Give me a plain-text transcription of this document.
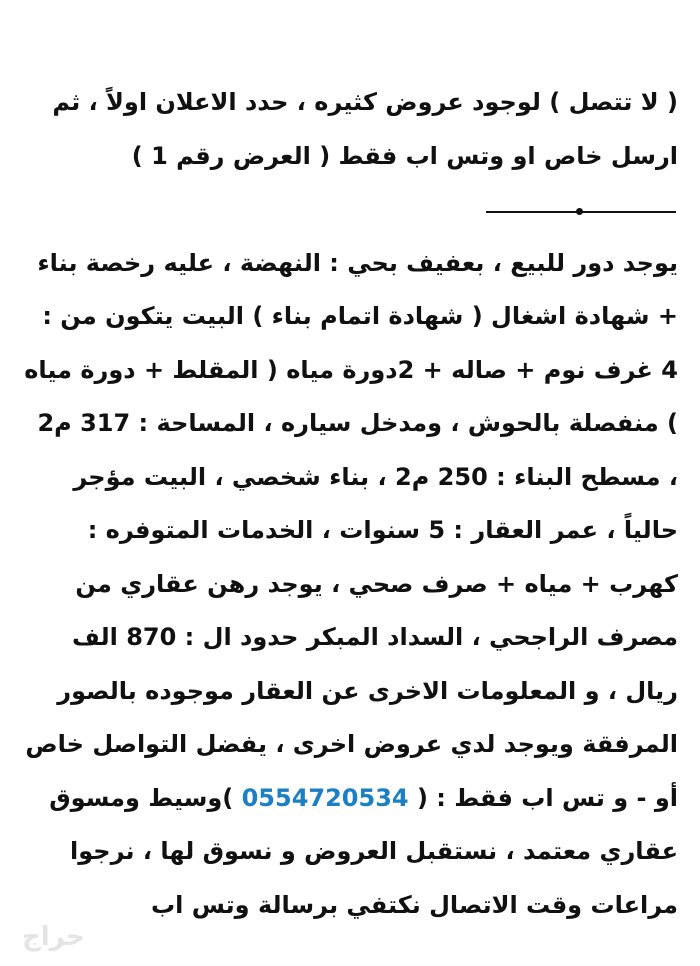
( لا تتصل ) لوجود عروض كثيره ، حدد الاعلان اولاً ، ثم ارسل خاص او وتس اب فقط ( العرض رقم 1 )

يوجد دور للبيع ، بعفيف بحي : النهضة ، عليه رخصة بناء + شهادة اشغال ( شهادة اتمام بناء ) البيت يتكون من : 4 غرف نوم + صاله + 2دورة مياه ( المقلط + دورة مياه ) منفصلة بالحوش ، ومدخل سياره ، المساحة : 317 م2 ، مسطح البناء : 250 م2 ، بناء شخصي ، البيت مؤجر حالياً ، عمر العقار : 5 سنوات ، الخدمات المتوفره : كهرب + مياه + صرف صحي ، يوجد رهن عقاري من مصرف الراجحي ، السداد المبكر حدود ال : 870 الف ريال ، و المعلومات الاخرى عن العقار موجوده بالصور المرفقة ويوجد لدي عروض اخرى ، يفضل التواصل خاص أو - و تس اب فقط : ( 0554720534 )وسيط ومسوق عقاري معتمد ، نستقبل العروض و نسوق لها ، نرجوا مراعات وقت الاتصال نكتفي برسالة وتس اب

حراج
